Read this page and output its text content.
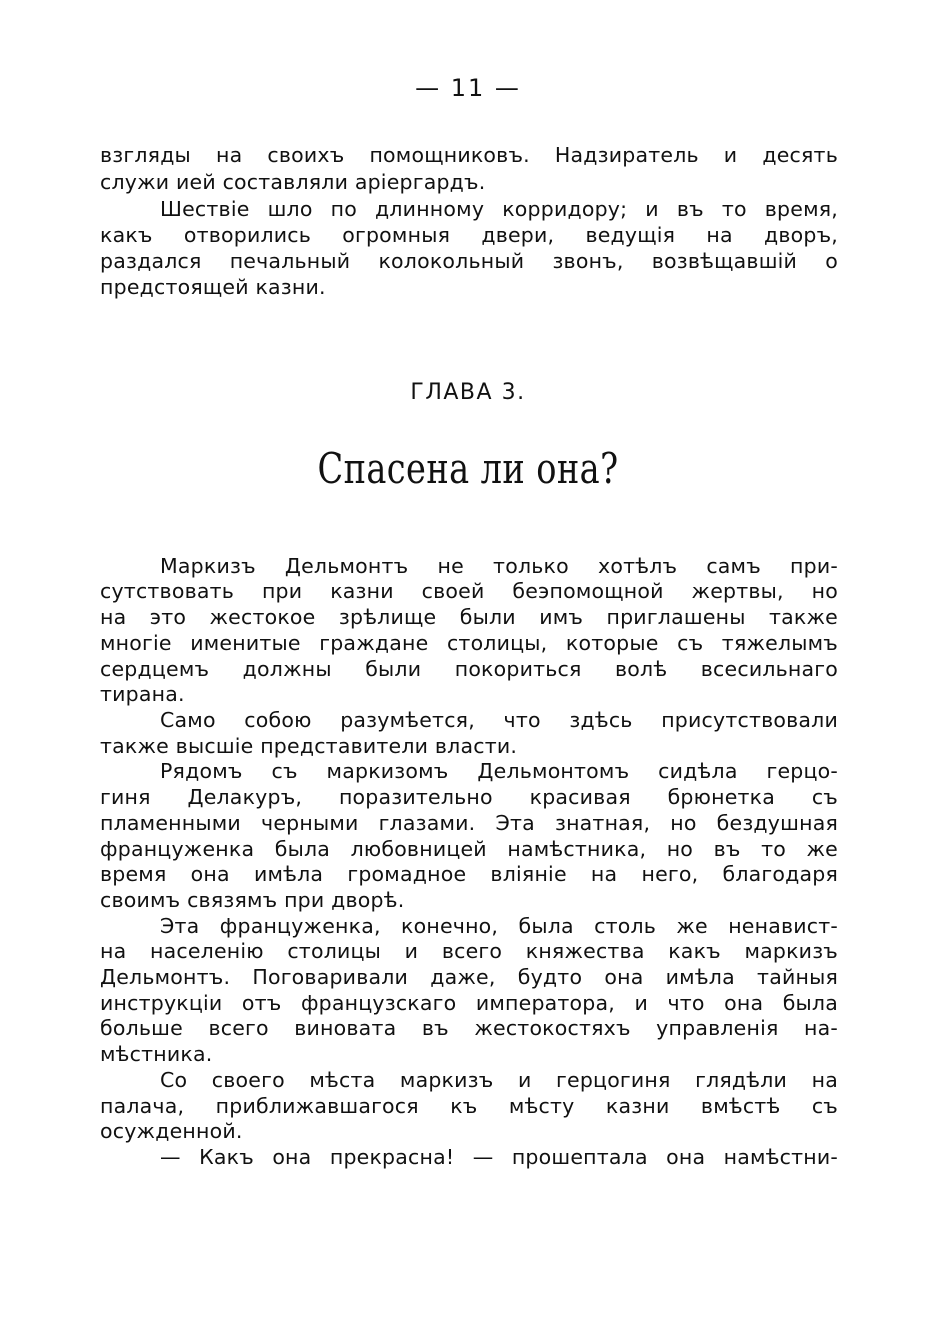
— 11 —
взгляды на своихъ помощниковъ. Надзиратель и десять
служи ией составляли арiергардъ.
Шествiе шло по длинному корридору; и въ то время,
какъ отворились огромныя двери, ведущiя на дворъ,
раздался печальный колокольный звонъ, возвѣщавшiй о
предстоящей казни.
ГЛАВА 3.
Спасена ли она?
Маркизъ Дельмонтъ не только хотѣлъ самъ при-
сутствовать при казни своей беэпомощной жертвы, но
на это жестокое зрѣлище были имъ приглашены также
многiе именитые граждане столицы, которые съ тяжелымъ
сердцемъ должны были покориться волѣ всесильнаго
тирана.
Само собою разумѣется, что здѣсь присутствовали
также высшiе представители власти.
Рядомъ съ маркизомъ Дельмонтомъ сидѣла герцо-
гиня Делакуръ, поразительно красивая брюнетка съ
пламенными черными глазами. Эта знатная, но бездушная
француженка была любовницей намѣстника, но въ то же
время она имѣла громадное влiянiе на него, благодаря
своимъ связямъ при дворѣ.
Эта француженка, конечно, была столь же ненавист-
на населенiю столицы и всего княжества какъ маркизъ
Дельмонтъ. Поговаривали даже, будто она имѣла тайныя
инструкцiи отъ французскаго императора, и что она была
больше всего виновата въ жестокостяхъ управленiя на-
мѣстника.
Со своего мѣста маркизъ и герцогиня глядѣли на
палача, приближавшагося къ мѣсту казни вмѣстѣ съ
осужденной.
— Какъ она прекрасна! — прошептала она намѣстни-
